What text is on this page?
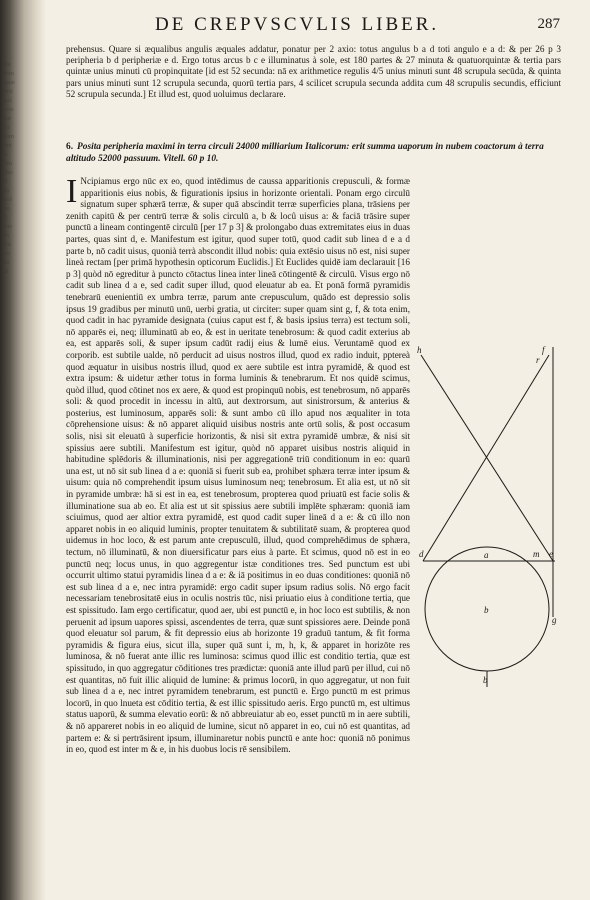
ibi
rem
quæ
erit
uel
con
tur
in
lum
ent
x
lau
duc
il
m
uel
se
li
mo
in
lui
co
es
al
DE CREPVSCVLIS LIBER.	287
prehensus. Quare si æqualibus angulis æquales addatur, ponatur per 2 axio: totus angulus b a d toti angulo e a d: & per 26 p 3 peripheria b d peripheriæ e d. Ergo totus arcus b c e illuminatus à sole, est 180 partes & 27 minuta & quatuorquintæ & tertia pars quintæ unius minuti cū propinquitate [id est 52 secunda: nā ex arithmetice regulis 4/5 unius minuti sunt 48 scrupula secūda, & quinta pars unius minuti sunt 12 scrupula secunda, quorū tertia pars, 4 scilicet scrupula secunda addita cum 48 scrupulis secundis, efficiunt 52 scrupula secunda.] Et illud est, quod uoluimus declarare.
6. Posita peripheria maximi in terra circuli 24000 milliarium Italicorum: erit summa uaporum in nubem coactorum à terra altitudo 52000 passuum. Vitell. 60 p 10.
I Ncipiamus ergo nūc ex eo, quod intēdimus de caussa apparitionis crepusculi, & formæ apparitionis eius nobis, & figurationis ipsius in horizonte orientali. Ponam ergo circulū signatum super sphærā terræ, & super quā abscindit terræ superficies plana, trāsiens per zenith capitū & per centrū terræ & solis circulū a, b & locû uisus a: & faciā trāsire super punctū a lineam contingentē circulū [per 17 p 3] & prolongabo duas extremitates eius in duas partes, quas sint d, e. Manifestum est igitur, quod super totū, quod cadit sub linea d e a d parte b, nō cadit uisus, quonià terrà abscondit illud nobis: quia extēsio uisus nō est, nisi super lineà rectam [per primā hypothesin opticorum Euclidis.] Et Euclides quidē iam declarauit [16 p 3] quòd nō egreditur à puncto cōtactus linea inter lineā cōtingentē & circulū. Visus ergo nō cadit sub linea d a e, sed cadit super illud, quod eleuatur ab ea. Et ponā formā pyramidis tenebrarū euenientiū ex umbra terræ, parum ante crepusculum, quādo est depressio solis ipsus 19 gradibus per minutū unū, uerbi gratia, ut circiter: super quam sint g, f, & tota enim, quod cadit in hac pyramide designata (cuius caput est f, & basis ipsius terra) est tectum soli, nō apparēs ei, neq; illuminatū ab eo, & est in ueritate tenebrosum: & quod cadit exterius ab ea, est apparēs soli, & super ipsum cadūt radij eius & lumē eius. Veruntamē quod ex corporib. est subtile ualde, nō perducit ad uisus nostros illud, quod ex radio induit, pptereà quod æquatur in uisibus nostris illud, quod ex aere subtile est intra pyramidē, & quod est extra ipsum: & uidetur æther totus in forma luminis & tenebrarum. Et nos quidē scimus, quòd illud, quod cōtinet nos ex aere, & quod est propinquū nobis, est tenebrosum, nō apparēs soli: & quod procedit in incessu in altū, aut dextrorsum, aut sinistrorsum, & anterius & posterius, est luminosum, apparēs soli: & sunt ambo cū illo apud nos æqualiter in tota cōprehensione uisus: & nō apparet aliquid uisibus nostris ante ortū solis, & post occasum solis, nisi sit eleuatū à superficie horizontis, & nisi sit extra pyramidē umbræ, & nisi sit spissius aere subtili. Manifestum est igitur, quòd nō apparet uisibus nostris aliquid in habitudine splēdoris & illuminationis, nisi per aggregationē triū conditionum in eo: quarū una est, ut nō sit sub linea d a e: quoniā si fuerit sub ea, prohibet sphæra terræ inter ipsum & uisum: quia nō comprehendit ipsum uisus luminosum neq; tenebrosum. Et alia est, ut nō sit in pyramide umbræ: hā si est in ea, est tenebrosum, propterea quod priuatū est facie solis & illuminatione sua ab eo. Et alia est ut sit spissius aere subtili implēte sphæram: quoniā iam sciuimus, quod aer altior extra pyramidē, est quod cadit super lineā d a e: & cū illo non apparet nobis in eo aliquid luminis, propter tenuitatem & subtilitatē suam, & propterea quod uidemus in hoc loco, & est parum ante crepusculū, illud, quod comprehēdimus de sphæra, tectum, nō illuminatū, & non diuersificatur pars eius à parte. Et scimus, quod nō est in eo punctū neq; locus unus, in quo aggregentur istæ conditiones tres. Sed punctum est ubi occurrit ultimo statui pyramidis linea d a e: & iā positimus in eo duas conditiones: quoniā nō est sub linea d a e, nec intra pyramidē: ergo cadit super ipsum radius solis. Nō ergo facit necessariam tenebrositatē eius in oculis nostris tūc, nisi priuatio eius à conditione tertia, que est spissitudo. Iam ergo certificatur, quod aer, ubi est punctū e, in hoc loco est subtilis, & non peruenit ad ipsum uapores spissi, ascendentes de terra, quæ sunt spissiores aere. Deinde ponā quod eleuatur sol parum, & fit depressio eius ab horizonte 19 graduū tantum, & fit forma pyramidis & figura eius, sicut illa, super quā sunt i, m, h, k, & apparet in horizōte res luminosa, & nō fuerat ante illic res luminosa: scimus quod illic est conditio tertia, quæ est spissitudo, in quo aggregatur cōditiones tres prædictæ: quoniā ante illud parū per illud, cui nō est quantitas, nō fuit illic aliquid de lumine: & primus locorū, in quo aggregatur, ut non fuit sub linea d a e, nec intret pyramidem tenebrarum, est punctū e. Ergo punctū m est primus locorū, in quo lnueta est cōditio tertia, & est illic spissitudo aeris. Ergo punctū m, est ultimus status uaporū, & summa elevatio eorū: & nō abbreuiatur ab eo, esset punctū m in aere subtili, & nō appareret nobis in eo aliquid de lumine, sicut nō apparet in eo, cui nō est quantitas, ad partem e: & si pertrāsirent ipsum, illuminaretur nobis punctū e ante hoc: quoniā nō ponimus in eo, quod est inter m & e, in his duobus locis rē sensibilem.
r
h	f
d	a	m e
b
g
b
